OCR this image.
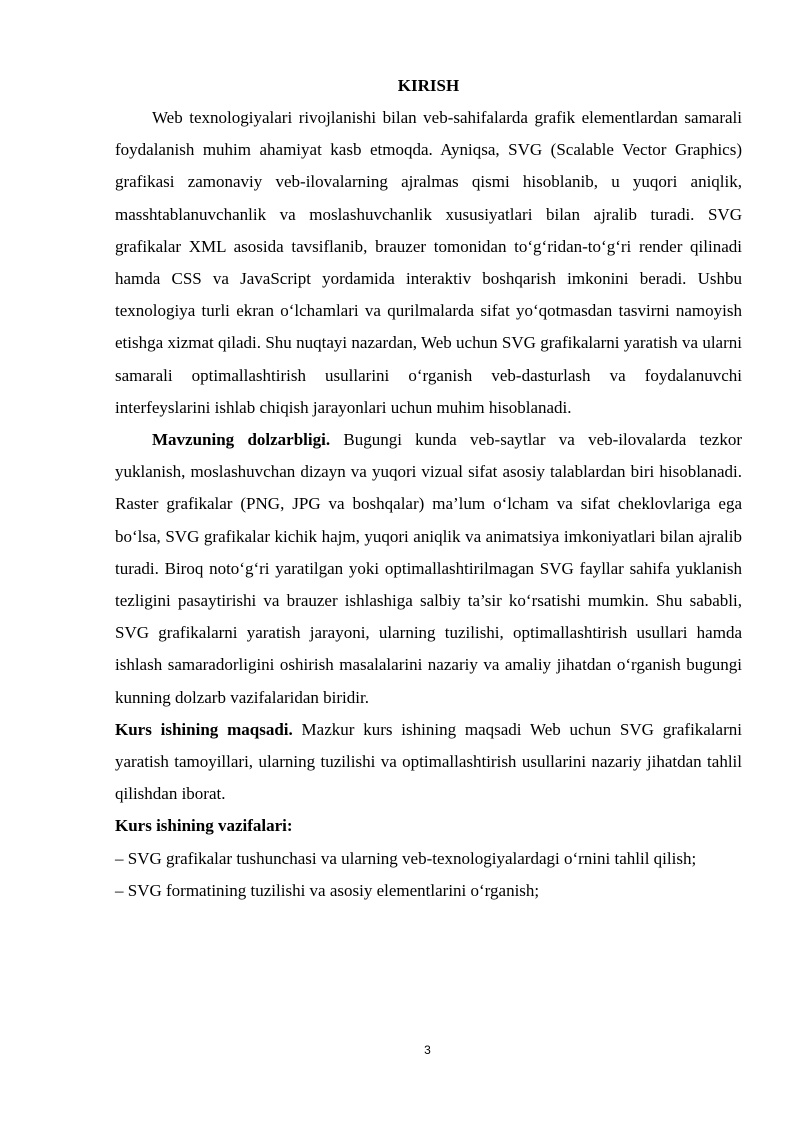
KIRISH

Web texnologiyalari rivojlanishi bilan veb-sahifalarda grafik elementlardan samarali foydalanish muhim ahamiyat kasb etmoqda. Ayniqsa, SVG (Scalable Vector Graphics) grafikasi zamonaviy veb-ilovalarning ajralmas qismi hisoblanib, u yuqori aniqlik, masshtablanuvchanlik va moslashuvchanlik xususiyatlari bilan ajralib turadi. SVG grafikalar XML asosida tavsiflanib, brauzer tomonidan to‘g‘ridan-to‘g‘ri render qilinadi hamda CSS va JavaScript yordamida interaktiv boshqarish imkonini beradi. Ushbu texnologiya turli ekran o‘lchamlari va qurilmalarda sifat yo‘qotmasdan tasvirni namoyish etishga xizmat qiladi. Shu nuqtayi nazardan, Web uchun SVG grafikalarni yaratish va ularni samarali optimallashtirish usullarini o‘rganish veb-dasturlash va foydalanuvchi interfeyslarini ishlab chiqish jarayonlari uchun muhim hisoblanadi.

Mavzuning dolzarbligi. Bugungi kunda veb-saytlar va veb-ilovalarda tezkor yuklanish, moslashuvchan dizayn va yuqori vizual sifat asosiy talablardan biri hisoblanadi. Raster grafikalar (PNG, JPG va boshqalar) ma’lum o‘lcham va sifat cheklovlariga ega bo‘lsa, SVG grafikalar kichik hajm, yuqori aniqlik va animatsiya imkoniyatlari bilan ajralib turadi. Biroq noto‘g‘ri yaratilgan yoki optimallashtirilmagan SVG fayllar sahifa yuklanish tezligini pasaytirishi va brauzer ishlashiga salbiy ta’sir ko‘rsatishi mumkin. Shu sababli, SVG grafikalarni yaratish jarayoni, ularning tuzilishi, optimallashtirish usullari hamda ishlash samaradorligini oshirish masalalarini nazariy va amaliy jihatdan o‘rganish bugungi kunning dolzarb vazifalaridan biridir.

Kurs ishining maqsadi. Mazkur kurs ishining maqsadi Web uchun SVG grafikalarni yaratish tamoyillari, ularning tuzilishi va optimallashtirish usullarini nazariy jihatdan tahlil qilishdan iborat.

Kurs ishining vazifalari:

– SVG grafikalar tushunchasi va ularning veb-texnologiyalardagi o‘rnini tahlil qilish;

– SVG formatining tuzilishi va asosiy elementlarini o‘rganish;

3
